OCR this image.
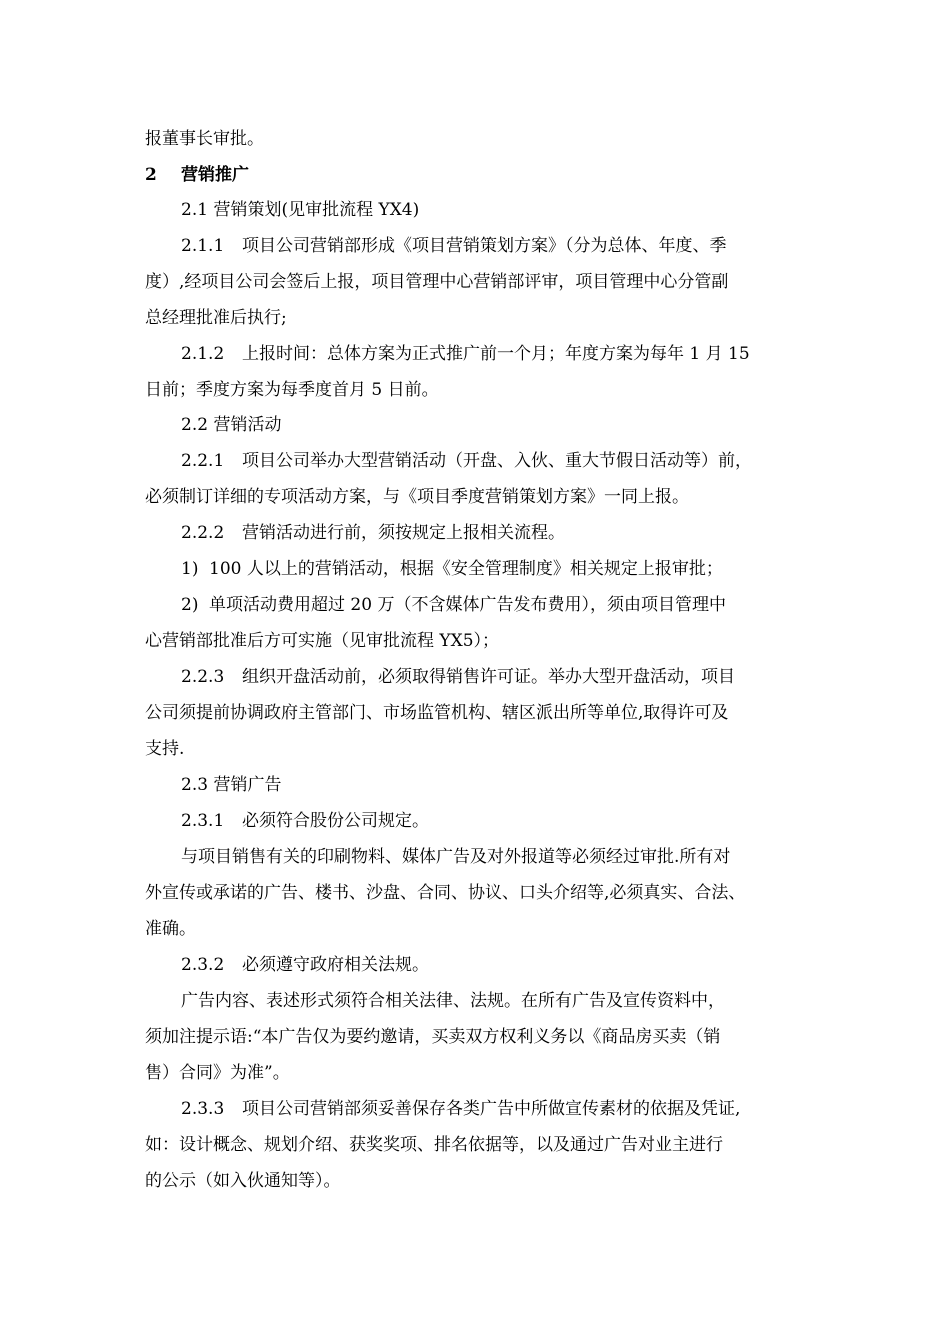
报董事长审批。
2 营销推广
2.1 营销策划(见审批流程 YX4)
2.1.1 项目公司营销部形成《项目营销策划方案》（分为总体、年度、季
度）,经项目公司会签后上报，项目管理中心营销部评审，项目管理中心分管副
总经理批准后执行;
2.1.2 上报时间：总体方案为正式推广前一个月；年度方案为每年 1 月 15
日前；季度方案为每季度首月 5 日前。
2.2 营销活动
2.2.1 项目公司举办大型营销活动（开盘、入伙、重大节假日活动等）前，
必须制订详细的专项活动方案，与《项目季度营销策划方案》一同上报。
2.2.2 营销活动进行前，须按规定上报相关流程。
1) 100 人以上的营销活动，根据《安全管理制度》相关规定上报审批；
2) 单项活动费用超过 20 万（不含媒体广告发布费用），须由项目管理中
心营销部批准后方可实施（见审批流程 YX5）；
2.2.3 组织开盘活动前，必须取得销售许可证。举办大型开盘活动，项目
公司须提前协调政府主管部门、市场监管机构、辖区派出所等单位,取得许可及
支持.
2.3 营销广告
2.3.1 必须符合股份公司规定。
与项目销售有关的印刷物料、媒体广告及对外报道等必须经过审批.所有对
外宣传或承诺的广告、楼书、沙盘、合同、协议、口头介绍等,必须真实、合法、
准确。
2.3.2 必须遵守政府相关法规。
广告内容、表述形式须符合相关法律、法规。在所有广告及宣传资料中，
须加注提示语:“本广告仅为要约邀请，买卖双方权利义务以《商品房买卖（销
售）合同》为准”。
2.3.3 项目公司营销部须妥善保存各类广告中所做宣传素材的依据及凭证,
如：设计概念、规划介绍、获奖奖项、排名依据等，以及通过广告对业主进行
的公示（如入伙通知等）。
